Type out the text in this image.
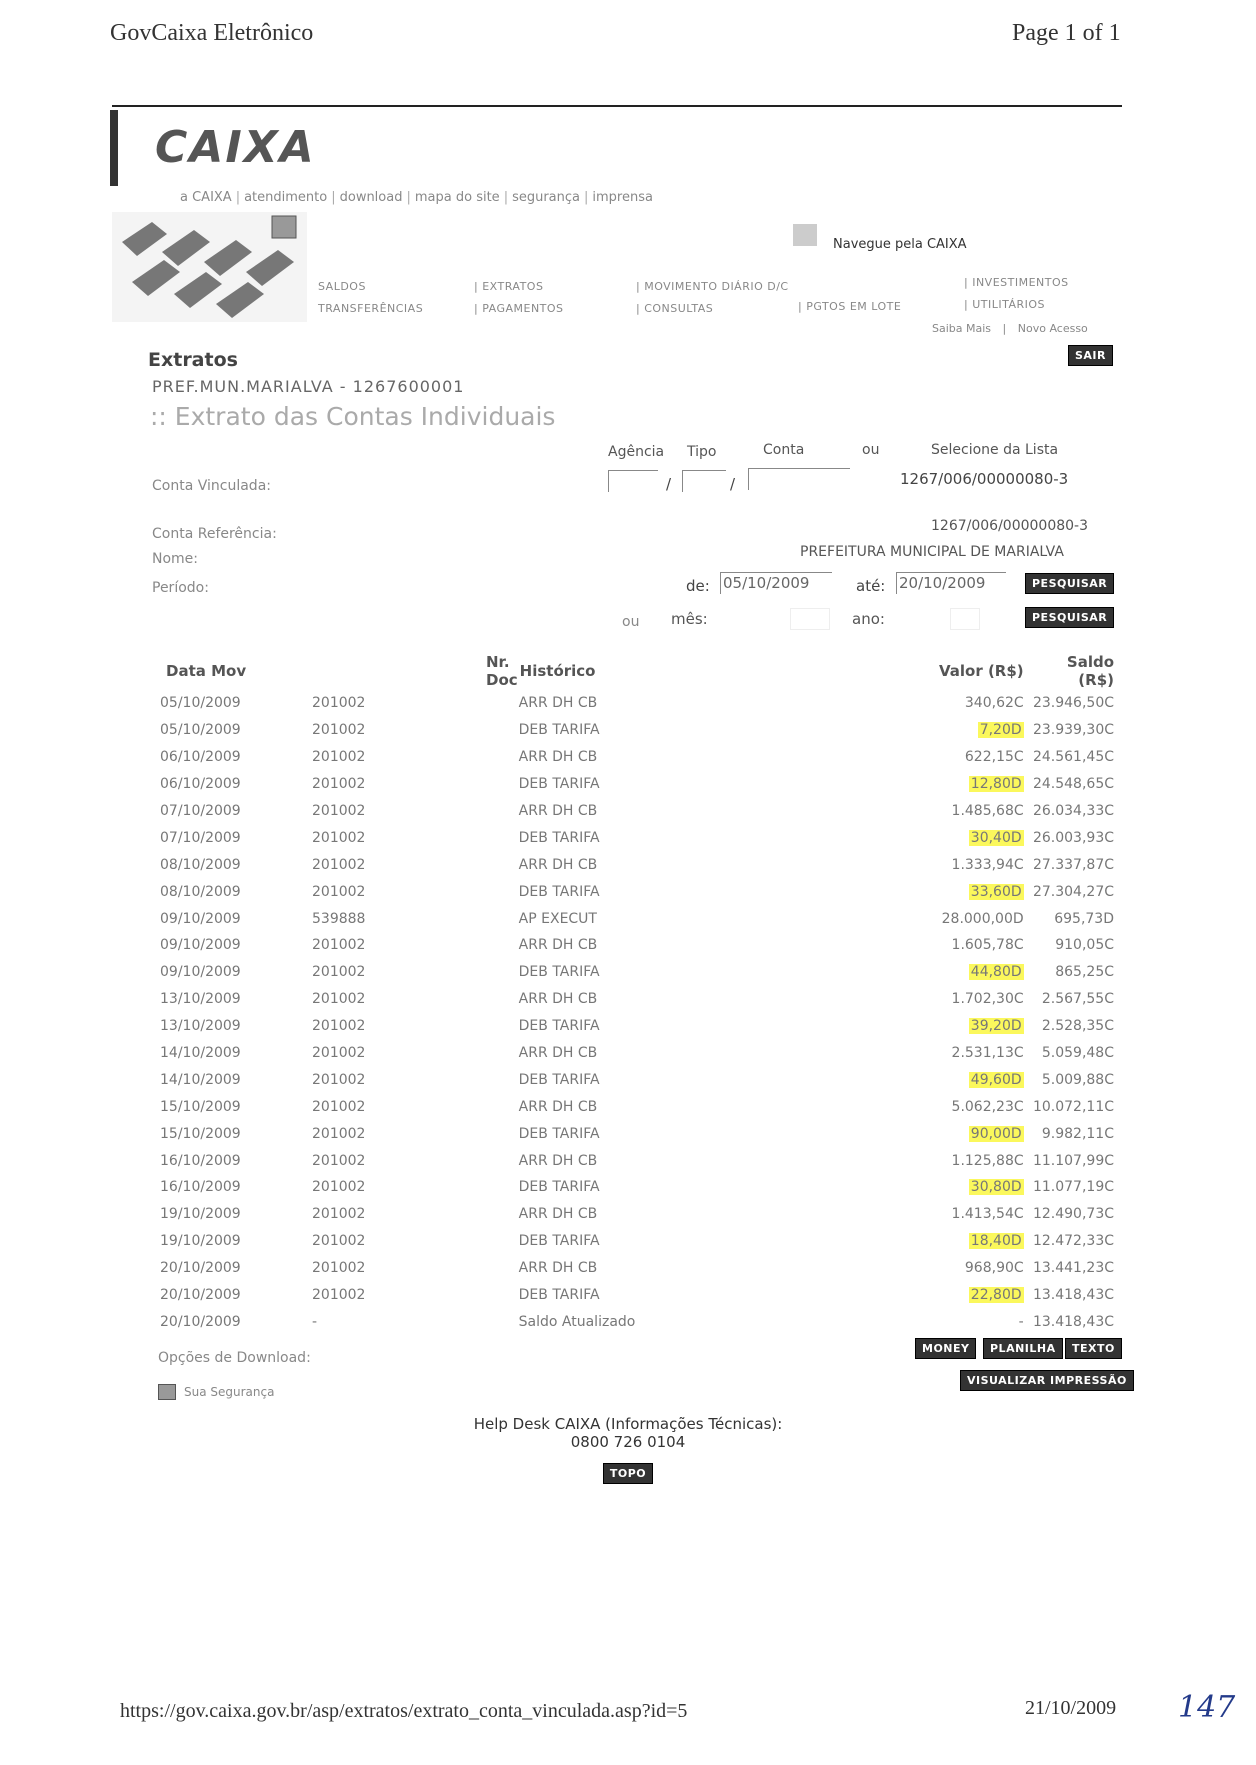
GovCaixa Eletrônico	Page 1 of 1
CAIXA
a CAIXA | atendimento | download | mapa do site | segurança | imprensa
Navegue pela CAIXA
SALDOS	| EXTRATOS	| MOVIMENTO DIÁRIO D/C	| INVESTIMENTOS
TRANSFERÊNCIAS	| PAGAMENTOS	| CONSULTAS	| PGTOS EM LOTE	| UTILITÁRIOS
Saiba Mais | Novo Acesso
SAIR
Extratos
PREF.MUN.MARIALVA - 1267600001
:: Extrato das Contas Individuais
Agência Tipo	Conta	ou	Selecione da Lista
Conta Vinculada:	/	/	1267/006/00000080-3
Conta Referência:	1267/006/00000080-3
Nome:	PREFEITURA MUNICIPAL DE MARIALVA
Período:	de: 05/10/2009	até: 20/10/2009	PESQUISAR
ou mês:	ano:	PESQUISAR
Data Mov	Nr. Doc	Histórico	Valor (R$)	Saldo (R$)
05/10/2009	201002	ARR DH CB	340,62C	23.946,50C
05/10/2009	201002	DEB TARIFA	7,20D	23.939,30C
06/10/2009	201002	ARR DH CB	622,15C	24.561,45C
06/10/2009	201002	DEB TARIFA	12,80D	24.548,65C
07/10/2009	201002	ARR DH CB	1.485,68C	26.034,33C
07/10/2009	201002	DEB TARIFA	30,40D	26.003,93C
08/10/2009	201002	ARR DH CB	1.333,94C	27.337,87C
08/10/2009	201002	DEB TARIFA	33,60D	27.304,27C
09/10/2009	539888	AP EXECUT	28.000,00D	695,73D
09/10/2009	201002	ARR DH CB	1.605,78C	910,05C
09/10/2009	201002	DEB TARIFA	44,80D	865,25C
13/10/2009	201002	ARR DH CB	1.702,30C	2.567,55C
13/10/2009	201002	DEB TARIFA	39,20D	2.528,35C
14/10/2009	201002	ARR DH CB	2.531,13C	5.059,48C
14/10/2009	201002	DEB TARIFA	49,60D	5.009,88C
15/10/2009	201002	ARR DH CB	5.062,23C	10.072,11C
15/10/2009	201002	DEB TARIFA	90,00D	9.982,11C
16/10/2009	201002	ARR DH CB	1.125,88C	11.107,99C
16/10/2009	201002	DEB TARIFA	30,80D	11.077,19C
19/10/2009	201002	ARR DH CB	1.413,54C	12.490,73C
19/10/2009	201002	DEB TARIFA	18,40D	12.472,33C
20/10/2009	201002	ARR DH CB	968,90C	13.441,23C
20/10/2009	201002	DEB TARIFA	22,80D	13.418,43C
20/10/2009	-	Saldo Atualizado	-	13.418,43C
Opções de Download:
MONEY	PLANILHA	TEXTO
VISUALIZAR IMPRESSÃO
Sua Segurança
Help Desk CAIXA (Informações Técnicas):
0800 726 0104
TOPO
https://gov.caixa.gov.br/asp/extratos/extrato_conta_vinculada.asp?id=5	21/10/2009 147
